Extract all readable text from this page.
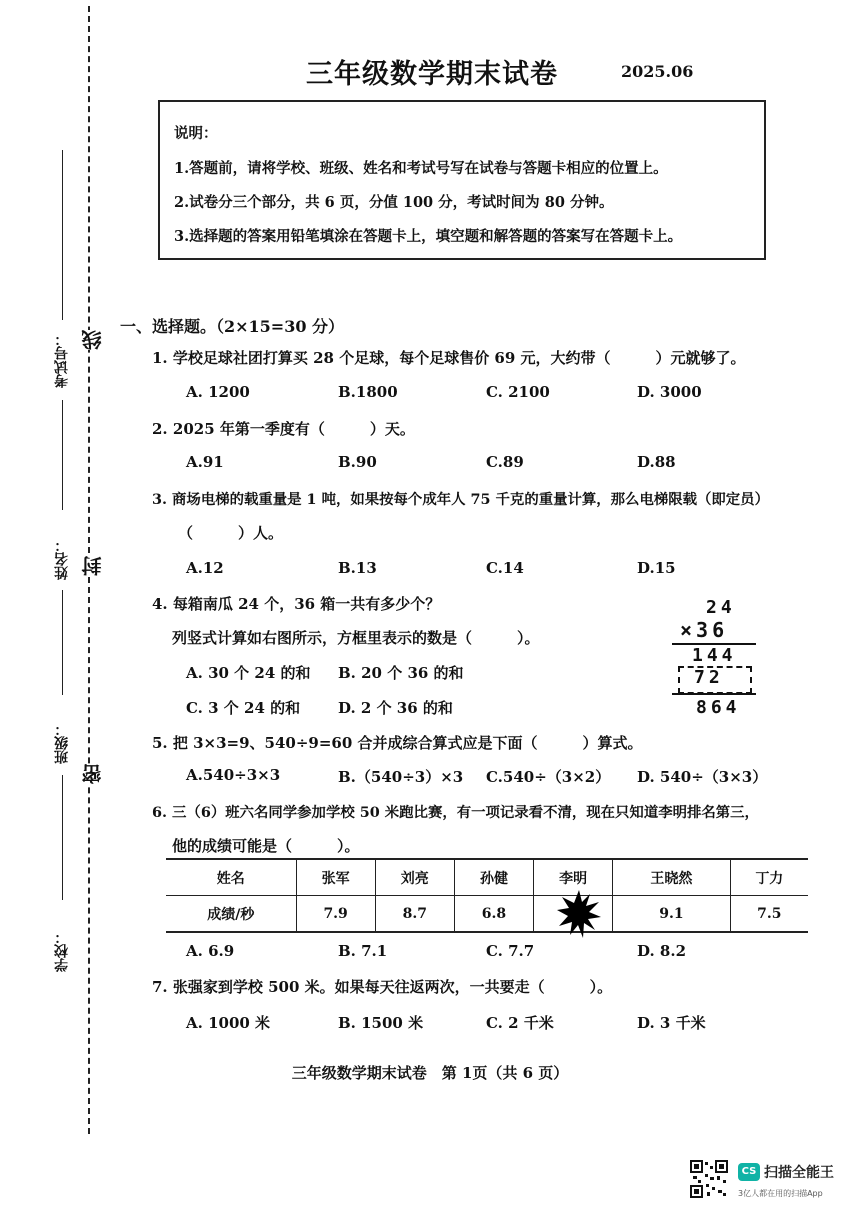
考试号：
姓名：
班级：
学校：
线
封
密
三年级数学期末试卷	2025.06
说明：
1.答题前，请将学校、班级、姓名和考试号写在试卷与答题卡相应的位置上。
2.试卷分三个部分，共 6 页，分值 100 分，考试时间为 80 分钟。
3.选择题的答案用铅笔填涂在答题卡上，填空题和解答题的答案写在答题卡上。
一、选择题。（2×15=30 分）
1. 学校足球社团打算买 28 个足球，每个足球售价 69 元，大约带（　　　）元就够了。
A. 1200	B.1800	C. 2100	D. 3000
2. 2025 年第一季度有（　　　）天。
A.91	B.90	C.89	D.88
3. 商场电梯的载重量是 1 吨，如果按每个成年人 75 千克的重量计算，那么电梯限载（即定员）
（　　　）人。
A.12	B.13	C.14	D.15
4. 每箱南瓜 24 个，36 箱一共有多少个？
列竖式计算如右图所示，方框里表示的数是（　　　）。
A. 30 个 24 的和 B. 20 个 36 的和
C. 3 个 24 的和	D. 2 个 36 的和
24
×36
144
72
864
5. 把 3×3=9、540÷9=60 合并成综合算式应是下面（　　　）算式。
A.540÷3×3	B.（540÷3）×3 C.540÷（3×2） D. 540÷（3×3）
6. 三（6）班六名同学参加学校 50 米跑比赛，有一项记录看不清，现在只知道李明排名第三，
他的成绩可能是（　　　）。
姓名	张军	刘亮	孙健	李明	王晓然	丁力
成绩/秒	7.9	8.7	6.8		9.1	7.5
A. 6.9	B. 7.1	C. 7.7	D. 8.2
7. 张强家到学校 500 米。如果每天往返两次，一共要走（　　　）。
A. 1000 米	B. 1500 米	C. 2 千米	D. 3 千米
三年级数学期末试卷　第 1页（共 6 页）
CS 扫描全能王
3亿人都在用的扫描App
